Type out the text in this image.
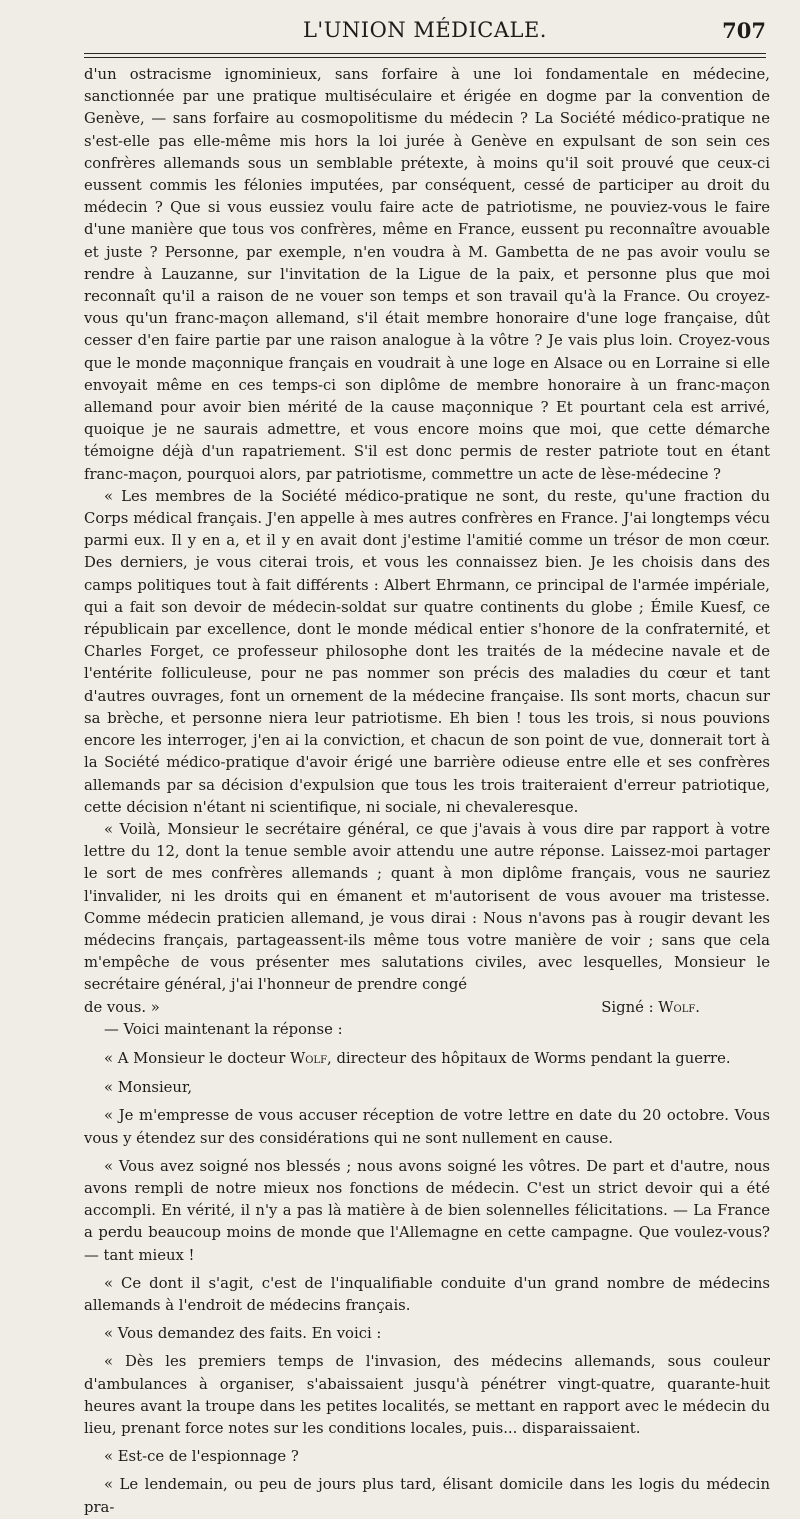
L'UNION MÉDICALE.	707

d'un ostracisme ignominieux, sans forfaire à une loi fondamentale en médecine, sanctionnée par une pratique multiséculaire et érigée en dogme par la convention de Genève, — sans forfaire au cosmopolitisme du médecin ? La Société médico-pratique ne s'est-elle pas elle-même mis hors la loi jurée à Genève en expulsant de son sein ces confrères allemands sous un semblable prétexte, à moins qu'il soit prouvé que ceux-ci eussent commis les félonies imputées, par conséquent, cessé de participer au droit du médecin ? Que si vous eussiez voulu faire acte de patriotisme, ne pouviez-vous le faire d'une manière que tous vos confrères, même en France, eussent pu reconnaître avouable et juste ? Personne, par exemple, n'en voudra à M. Gambetta de ne pas avoir voulu se rendre à Lauzanne, sur l'invitation de la Ligue de la paix, et personne plus que moi reconnaît qu'il a raison de ne vouer son temps et son travail qu'à la France. Ou croyez-vous qu'un franc-maçon allemand, s'il était membre honoraire d'une loge française, dût cesser d'en faire partie par une raison analogue à la vôtre ? Je vais plus loin. Croyez-vous que le monde maçonnique français en voudrait à une loge en Alsace ou en Lorraine si elle envoyait même en ces temps-ci son diplôme de membre honoraire à un franc-maçon allemand pour avoir bien mérité de la cause maçonnique ? Et pourtant cela est arrivé, quoique je ne saurais admettre, et vous encore moins que moi, que cette démarche témoigne déjà d'un rapatriement. S'il est donc permis de rester patriote tout en étant franc-maçon, pourquoi alors, par patriotisme, commettre un acte de lèse-médecine ?

« Les membres de la Société médico-pratique ne sont, du reste, qu'une fraction du Corps médical français. J'en appelle à mes autres confrères en France. J'ai longtemps vécu parmi eux. Il y en a, et il y en avait dont j'estime l'amitié comme un trésor de mon cœur. Des derniers, je vous citerai trois, et vous les connaissez bien. Je les choisis dans des camps politiques tout à fait différents : Albert Ehrmann, ce principal de l'armée impériale, qui a fait son devoir de médecin-soldat sur quatre continents du globe ; Émile Kuesf, ce républicain par excellence, dont le monde médical entier s'honore de la confraternité, et Charles Forget, ce professeur philosophe dont les traités de la médecine navale et de l'entérite folliculeuse, pour ne pas nommer son précis des maladies du cœur et tant d'autres ouvrages, font un ornement de la médecine française. Ils sont morts, chacun sur sa brèche, et personne niera leur patriotisme. Eh bien ! tous les trois, si nous pouvions encore les interroger, j'en ai la conviction, et chacun de son point de vue, donnerait tort à la Société médico-pratique d'avoir érigé une barrière odieuse entre elle et ses confrères allemands par sa décision d'expulsion que tous les trois traiteraient d'erreur patriotique, cette décision n'étant ni scientifique, ni sociale, ni chevaleresque.

« Voilà, Monsieur le secrétaire général, ce que j'avais à vous dire par rapport à votre lettre du 12, dont la tenue semble avoir attendu une autre réponse. Laissez-moi partager le sort de mes confrères allemands ; quant à mon diplôme français, vous ne sauriez l'invalider, ni les droits qui en émanent et m'autorisent de vous avouer ma tristesse. Comme médecin praticien allemand, je vous dirai : Nous n'avons pas à rougir devant les médecins français, partageassent-ils même tous votre manière de voir ; sans que cela m'empêche de vous présenter mes salutations civiles, avec lesquelles, Monsieur le secrétaire général, j'ai l'honneur de prendre congé

de vous. »	Signé : Wolf.

— Voici maintenant la réponse :

« A Monsieur le docteur Wolf, directeur des hôpitaux de Worms pendant la guerre.

« Monsieur,

« Je m'empresse de vous accuser réception de votre lettre en date du 20 octobre. Vous vous y étendez sur des considérations qui ne sont nullement en cause.

« Vous avez soigné nos blessés ; nous avons soigné les vôtres. De part et d'autre, nous avons rempli de notre mieux nos fonctions de médecin. C'est un strict devoir qui a été accompli. En vérité, il n'y a pas là matière à de bien solennelles félicitations. — La France a perdu beaucoup moins de monde que l'Allemagne en cette campagne. Que voulez-vous? — tant mieux !

« Ce dont il s'agit, c'est de l'inqualifiable conduite d'un grand nombre de médecins allemands à l'endroit de médecins français.

« Vous demandez des faits. En voici :

« Dès les premiers temps de l'invasion, des médecins allemands, sous couleur d'ambulances à organiser, s'abaissaient jusqu'à pénétrer vingt-quatre, quarante-huit heures avant la troupe dans les petites localités, se mettant en rapport avec le médecin du lieu, prenant force notes sur les conditions locales, puis... disparaissaient.

« Est-ce de l'espionnage ?

« Le lendemain, ou peu de jours plus tard, élisant domicile dans les logis du médecin pra-
